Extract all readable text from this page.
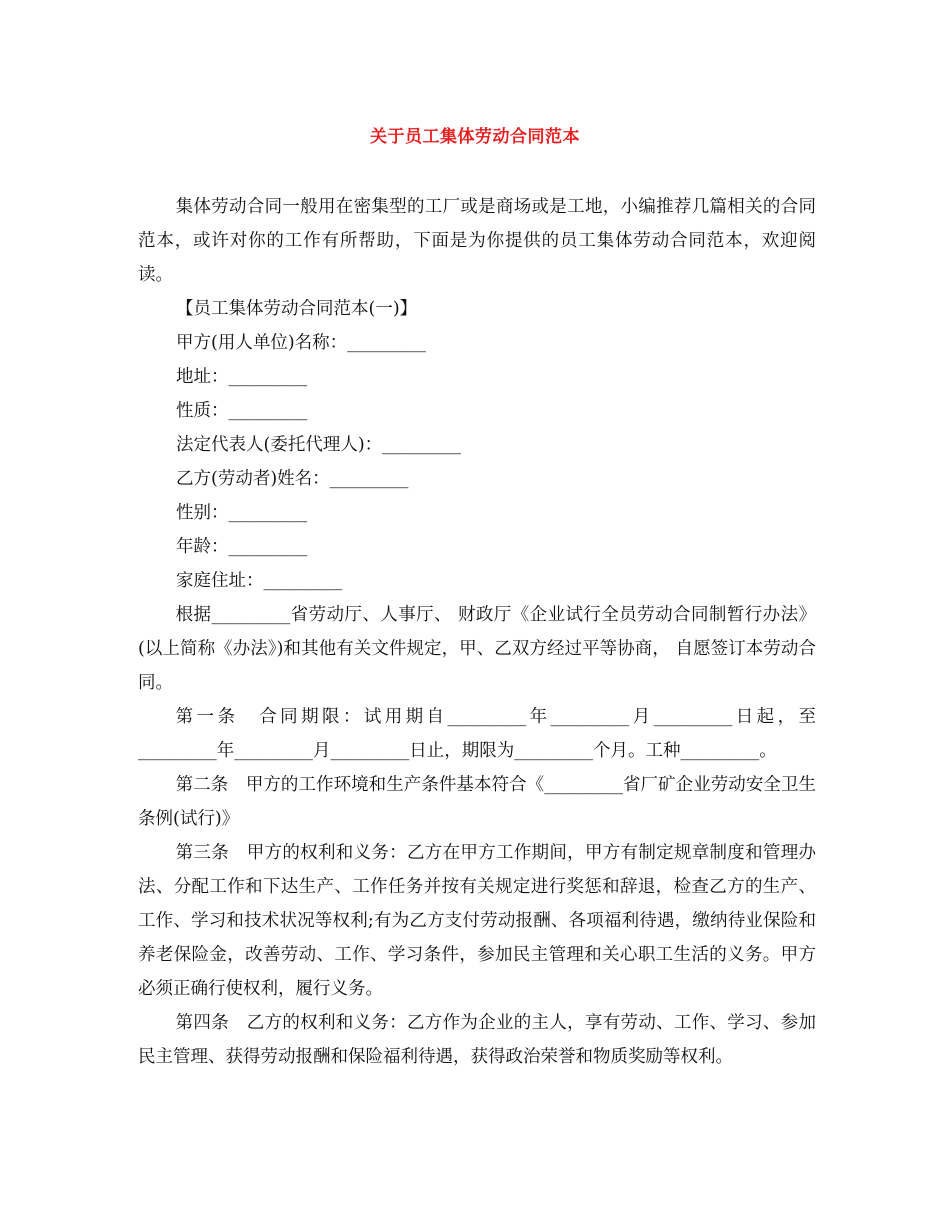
关于员工集体劳动合同范本

集体劳动合同一般用在密集型的工厂或是商场或是工地，小编推荐几篇相关的合同范本，或许对你的工作有所帮助，下面是为你提供的员工集体劳动合同范本，欢迎阅读。

【员工集体劳动合同范本(一)】

甲方(用人单位)名称：_________

地址：_________

性质：_________

法定代表人(委托代理人)：_________

乙方(劳动者)姓名：_________

性别：_________

年龄：_________

家庭住址：_________

根据_________省劳动厅、人事厅、 财政厅《企业试行全员劳动合同制暂行办法》(以上简称《办法》)和其他有关文件规定，甲、乙双方经过平等协商， 自愿签订本劳动合同。

第一条　合同期限：试用期自_________年_________月_________日起，至_________年_________月_________日止，期限为_________个月。工种_________。

第二条　甲方的工作环境和生产条件基本符合《_________省厂矿企业劳动安全卫生条例(试行)》

第三条　甲方的权利和义务：乙方在甲方工作期间，甲方有制定规章制度和管理办法、分配工作和下达生产、工作任务并按有关规定进行奖惩和辞退，检查乙方的生产、工作、学习和技术状况等权利;有为乙方支付劳动报酬、各项福利待遇，缴纳待业保险和养老保险金，改善劳动、工作、学习条件，参加民主管理和关心职工生活的义务。甲方必须正确行使权利，履行义务。

第四条　乙方的权利和义务：乙方作为企业的主人，享有劳动、工作、学习、参加民主管理、获得劳动报酬和保险福利待遇，获得政治荣誉和物质奖励等权利。
